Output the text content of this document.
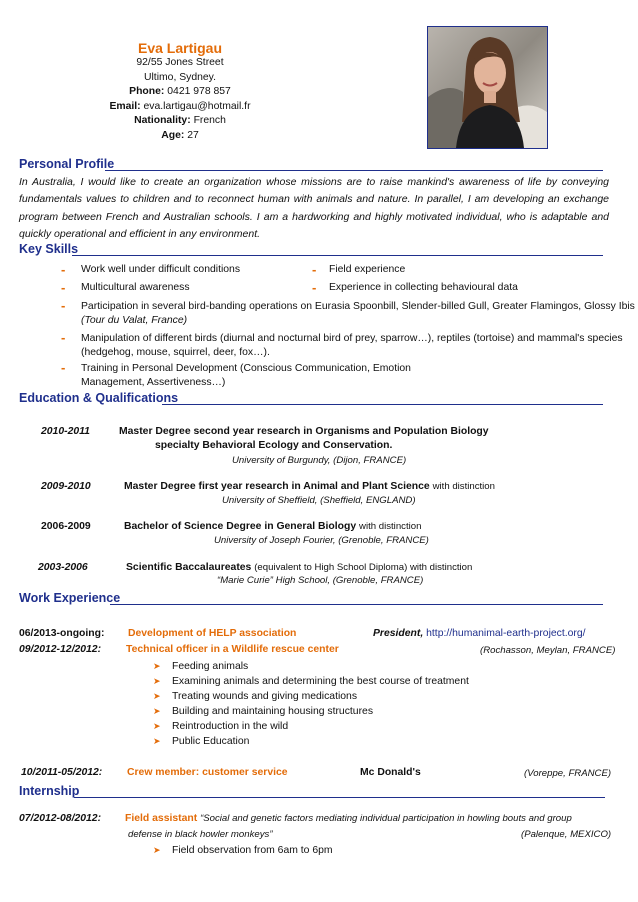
Eva Lartigau
92/55 Jones Street
Ultimo, Sydney.
Phone: 0421 978 857
Email: eva.lartigau@hotmail.fr
Nationality: French
Age: 27
Personal Profile
In Australia, I would like to create an organization whose missions are to raise mankind's awareness of life by conveying fundamentals values to children and to reconnect human with animals and nature. In parallel, I am developing an exchange program between French and Australian schools. I am a hardworking and highly motivated individual, who is adaptable and quickly operational and efficient in any environment.
Key Skills
- Work well under difficult conditions	- Field experience
- Multicultural awareness	- Experience in collecting behavioural data
- Participation in several bird-banding operations on Eurasia Spoonbill, Slender-billed Gull, Greater Flamingos, Glossy Ibis
(Tour du Valat, France)
- Manipulation of different birds (diurnal and nocturnal bird of prey, sparrow…), reptiles (tortoise) and mammal's species
(hedgehog, mouse, squirrel, deer, fox…).
- Training in Personal Development (Conscious Communication, Emotion
Management, Assertiveness…)
Education & Qualifications
2010-2011	Master Degree second year research in Organisms and Population Biology
specialty Behavioral Ecology and Conservation.
University of Burgundy, (Dijon, FRANCE)
2009-2010	Master Degree first year research in Animal and Plant Science with distinction
University of Sheffield, (Sheffield, ENGLAND)
2006-2009	Bachelor of Science Degree in General Biology with distinction
University of Joseph Fourier, (Grenoble, FRANCE)
2003-2006	Scientific Baccalaureates (equivalent to High School Diploma) with distinction
“Marie Curie” High School, (Grenoble, FRANCE)
Work Experience
06/2013-ongoing: Development of HELP association	President, http://humanimal-earth-project.org/
09/2012-12/2012: Technical officer in a Wildlife rescue center	(Rochasson, Meylan, FRANCE)
➤ Feeding animals
➤ Examining animals and determining the best course of treatment
➤ Treating wounds and giving medications
➤ Building and maintaining housing structures
➤ Reintroduction in the wild
➤ Public Education
10/2011-05/2012: Crew member: customer service	Mc Donald's	(Voreppe, FRANCE)
Internship
07/2012-08/2012: Field assistant “Social and genetic factors mediating individual participation in howling bouts and group
defense in black howler monkeys”	(Palenque, MEXICO)
➤ Field observation from 6am to 6pm
